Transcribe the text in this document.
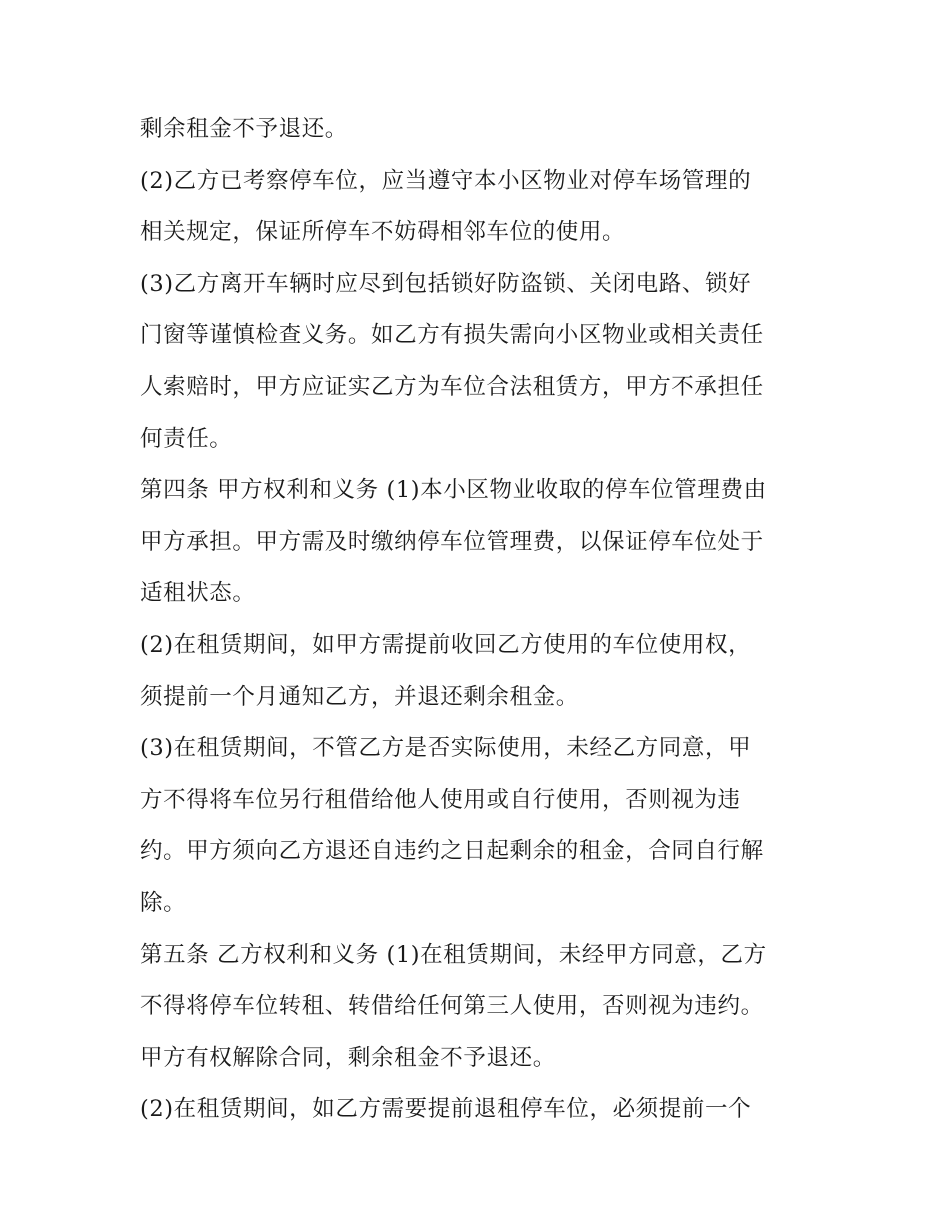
剩余租金不予退还。
(2)乙方已考察停车位，应当遵守本小区物业对停车场管理的
相关规定，保证所停车不妨碍相邻车位的使用。
(3)乙方离开车辆时应尽到包括锁好防盗锁、关闭电路、锁好
门窗等谨慎检查义务。如乙方有损失需向小区物业或相关责任
人索赔时，甲方应证实乙方为车位合法租赁方，甲方不承担任
何责任。
第四条 甲方权利和义务 (1)本小区物业收取的停车位管理费由
甲方承担。甲方需及时缴纳停车位管理费，以保证停车位处于
适租状态。
(2)在租赁期间，如甲方需提前收回乙方使用的车位使用权，
须提前一个月通知乙方，并退还剩余租金。
(3)在租赁期间，不管乙方是否实际使用，未经乙方同意，甲
方不得将车位另行租借给他人使用或自行使用，否则视为违
约。甲方须向乙方退还自违约之日起剩余的租金，合同自行解
除。
第五条 乙方权利和义务 (1)在租赁期间，未经甲方同意，乙方
不得将停车位转租、转借给任何第三人使用，否则视为违约。
甲方有权解除合同，剩余租金不予退还。
(2)在租赁期间，如乙方需要提前退租停车位，必须提前一个
